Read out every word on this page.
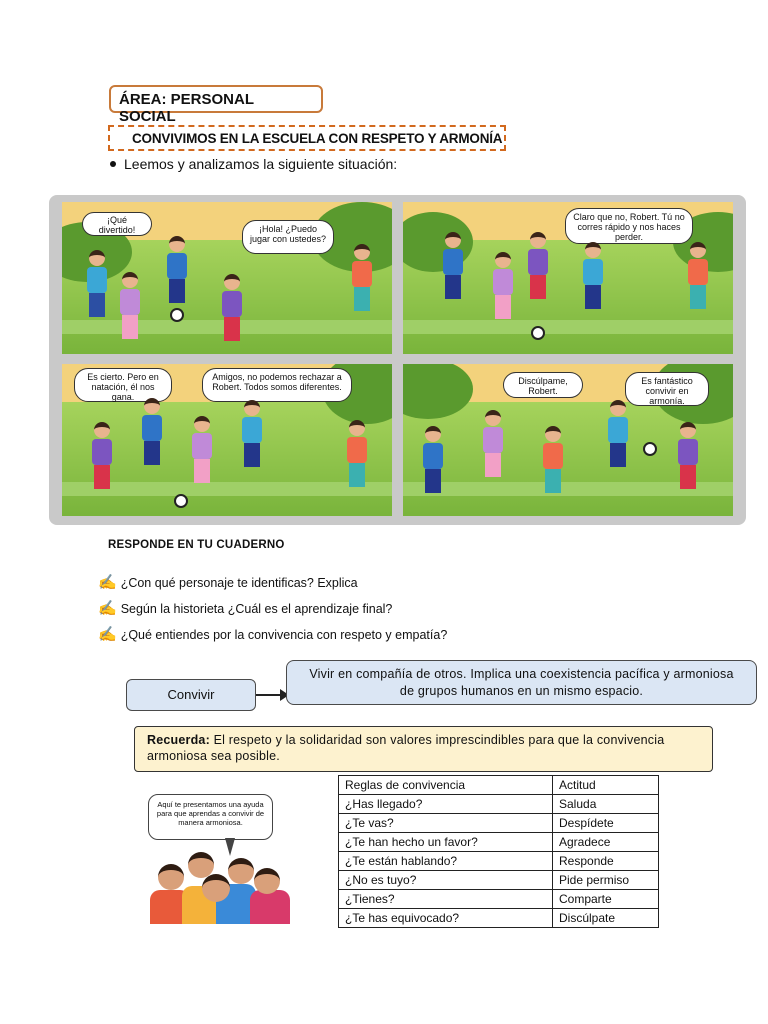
ÁREA: PERSONAL SOCIAL
CONVIVIMOS EN LA ESCUELA CON RESPETO Y ARMONÍA
Leemos y analizamos la siguiente situación:
¡Qué divertido!	¡Hola! ¿Puedo jugar con ustedes?
Claro que no, Robert. Tú no corres rápido y nos haces perder.
Es cierto. Pero en natación, él nos gana.
Amigos, no podemos rechazar a Robert. Todos somos diferentes.
Discúlpame, Robert.
Es fantástico convivir en armonía.
RESPONDE EN TU CUADERNO
✍ ¿Con qué personaje te identificas? Explica
✍ Según la historieta ¿Cuál es el aprendizaje final?
✍ ¿Qué entiendes por la convivencia con respeto y empatía?
Convivir
Vivir en compañía de otros. Implica una coexistencia pacífica y armoniosa de grupos humanos en un mismo espacio.
Recuerda: El respeto y la solidaridad son valores imprescindibles para que la convivencia armoniosa sea posible.
Aquí te presentamos una ayuda para que aprendas a convivir de manera armoniosa.
Reglas de convivencia	Actitud
¿Has llegado?	Saluda
¿Te vas?	Despídete
¿Te han hecho un favor?	Agradece
¿Te están hablando?	Responde
¿No es tuyo?	Pide permiso
¿Tienes?	Comparte
¿Te has equivocado?	Discúlpate
